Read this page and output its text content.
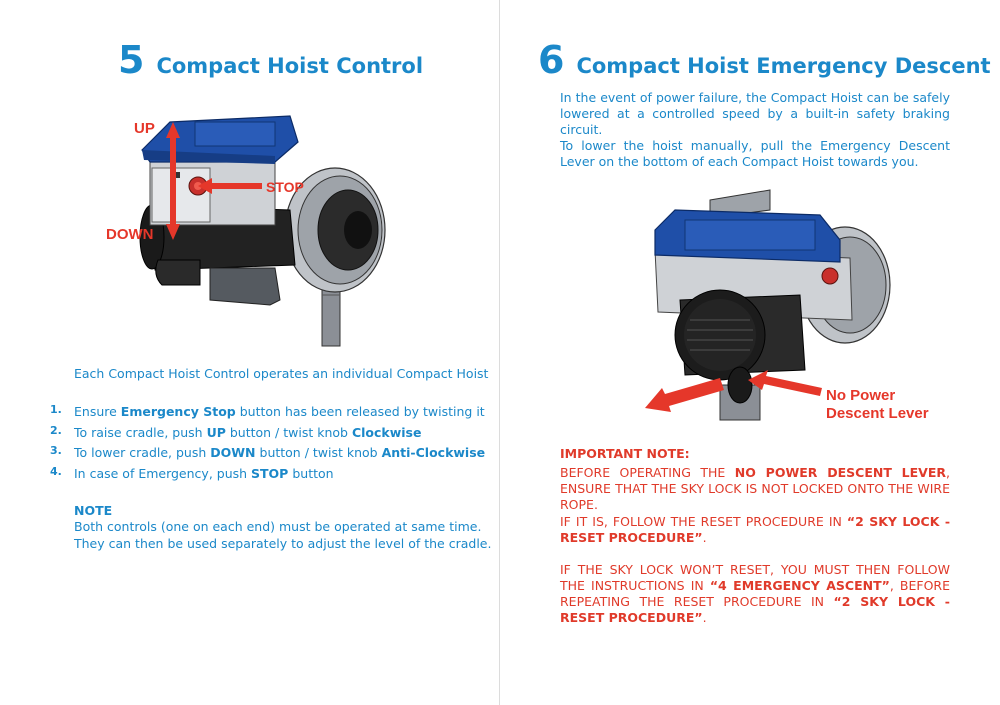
5 Compact Hoist Control
UP
DOWN
STOP
Each Compact Hoist Control operates an individual Compact Hoist
1. Ensure Emergency Stop button has been released by twisting it
2. To raise cradle, push UP button / twist knob Clockwise
3. To lower cradle, push DOWN button / twist knob Anti-Clockwise
4. In case of Emergency, push STOP button
NOTE
Both controls (one on each end) must be operated at same time.
They can then be used separately to adjust the level of the cradle.
6 Compact Hoist Emergency Descent
In the event of power failure, the Compact Hoist can be safely lowered at a controlled speed by a built-in safety braking circuit.
To lower the hoist manually, pull the Emergency Descent Lever on the bottom of each Compact Hoist towards you.
No Power
Descent Lever
IMPORTANT NOTE:
BEFORE OPERATING THE NO POWER DESCENT LEVER, ENSURE THAT THE SKY LOCK IS NOT LOCKED ONTO THE WIRE ROPE.
IF IT IS, FOLLOW THE RESET PROCEDURE IN “2 SKY LOCK - RESET PROCEDURE”.
IF THE SKY LOCK WON’T RESET, YOU MUST THEN FOLLOW THE INSTRUCTIONS IN “4 EMERGENCY ASCENT”, BEFORE REPEATING THE RESET PROCEDURE IN “2 SKY LOCK - RESET PROCEDURE”.
